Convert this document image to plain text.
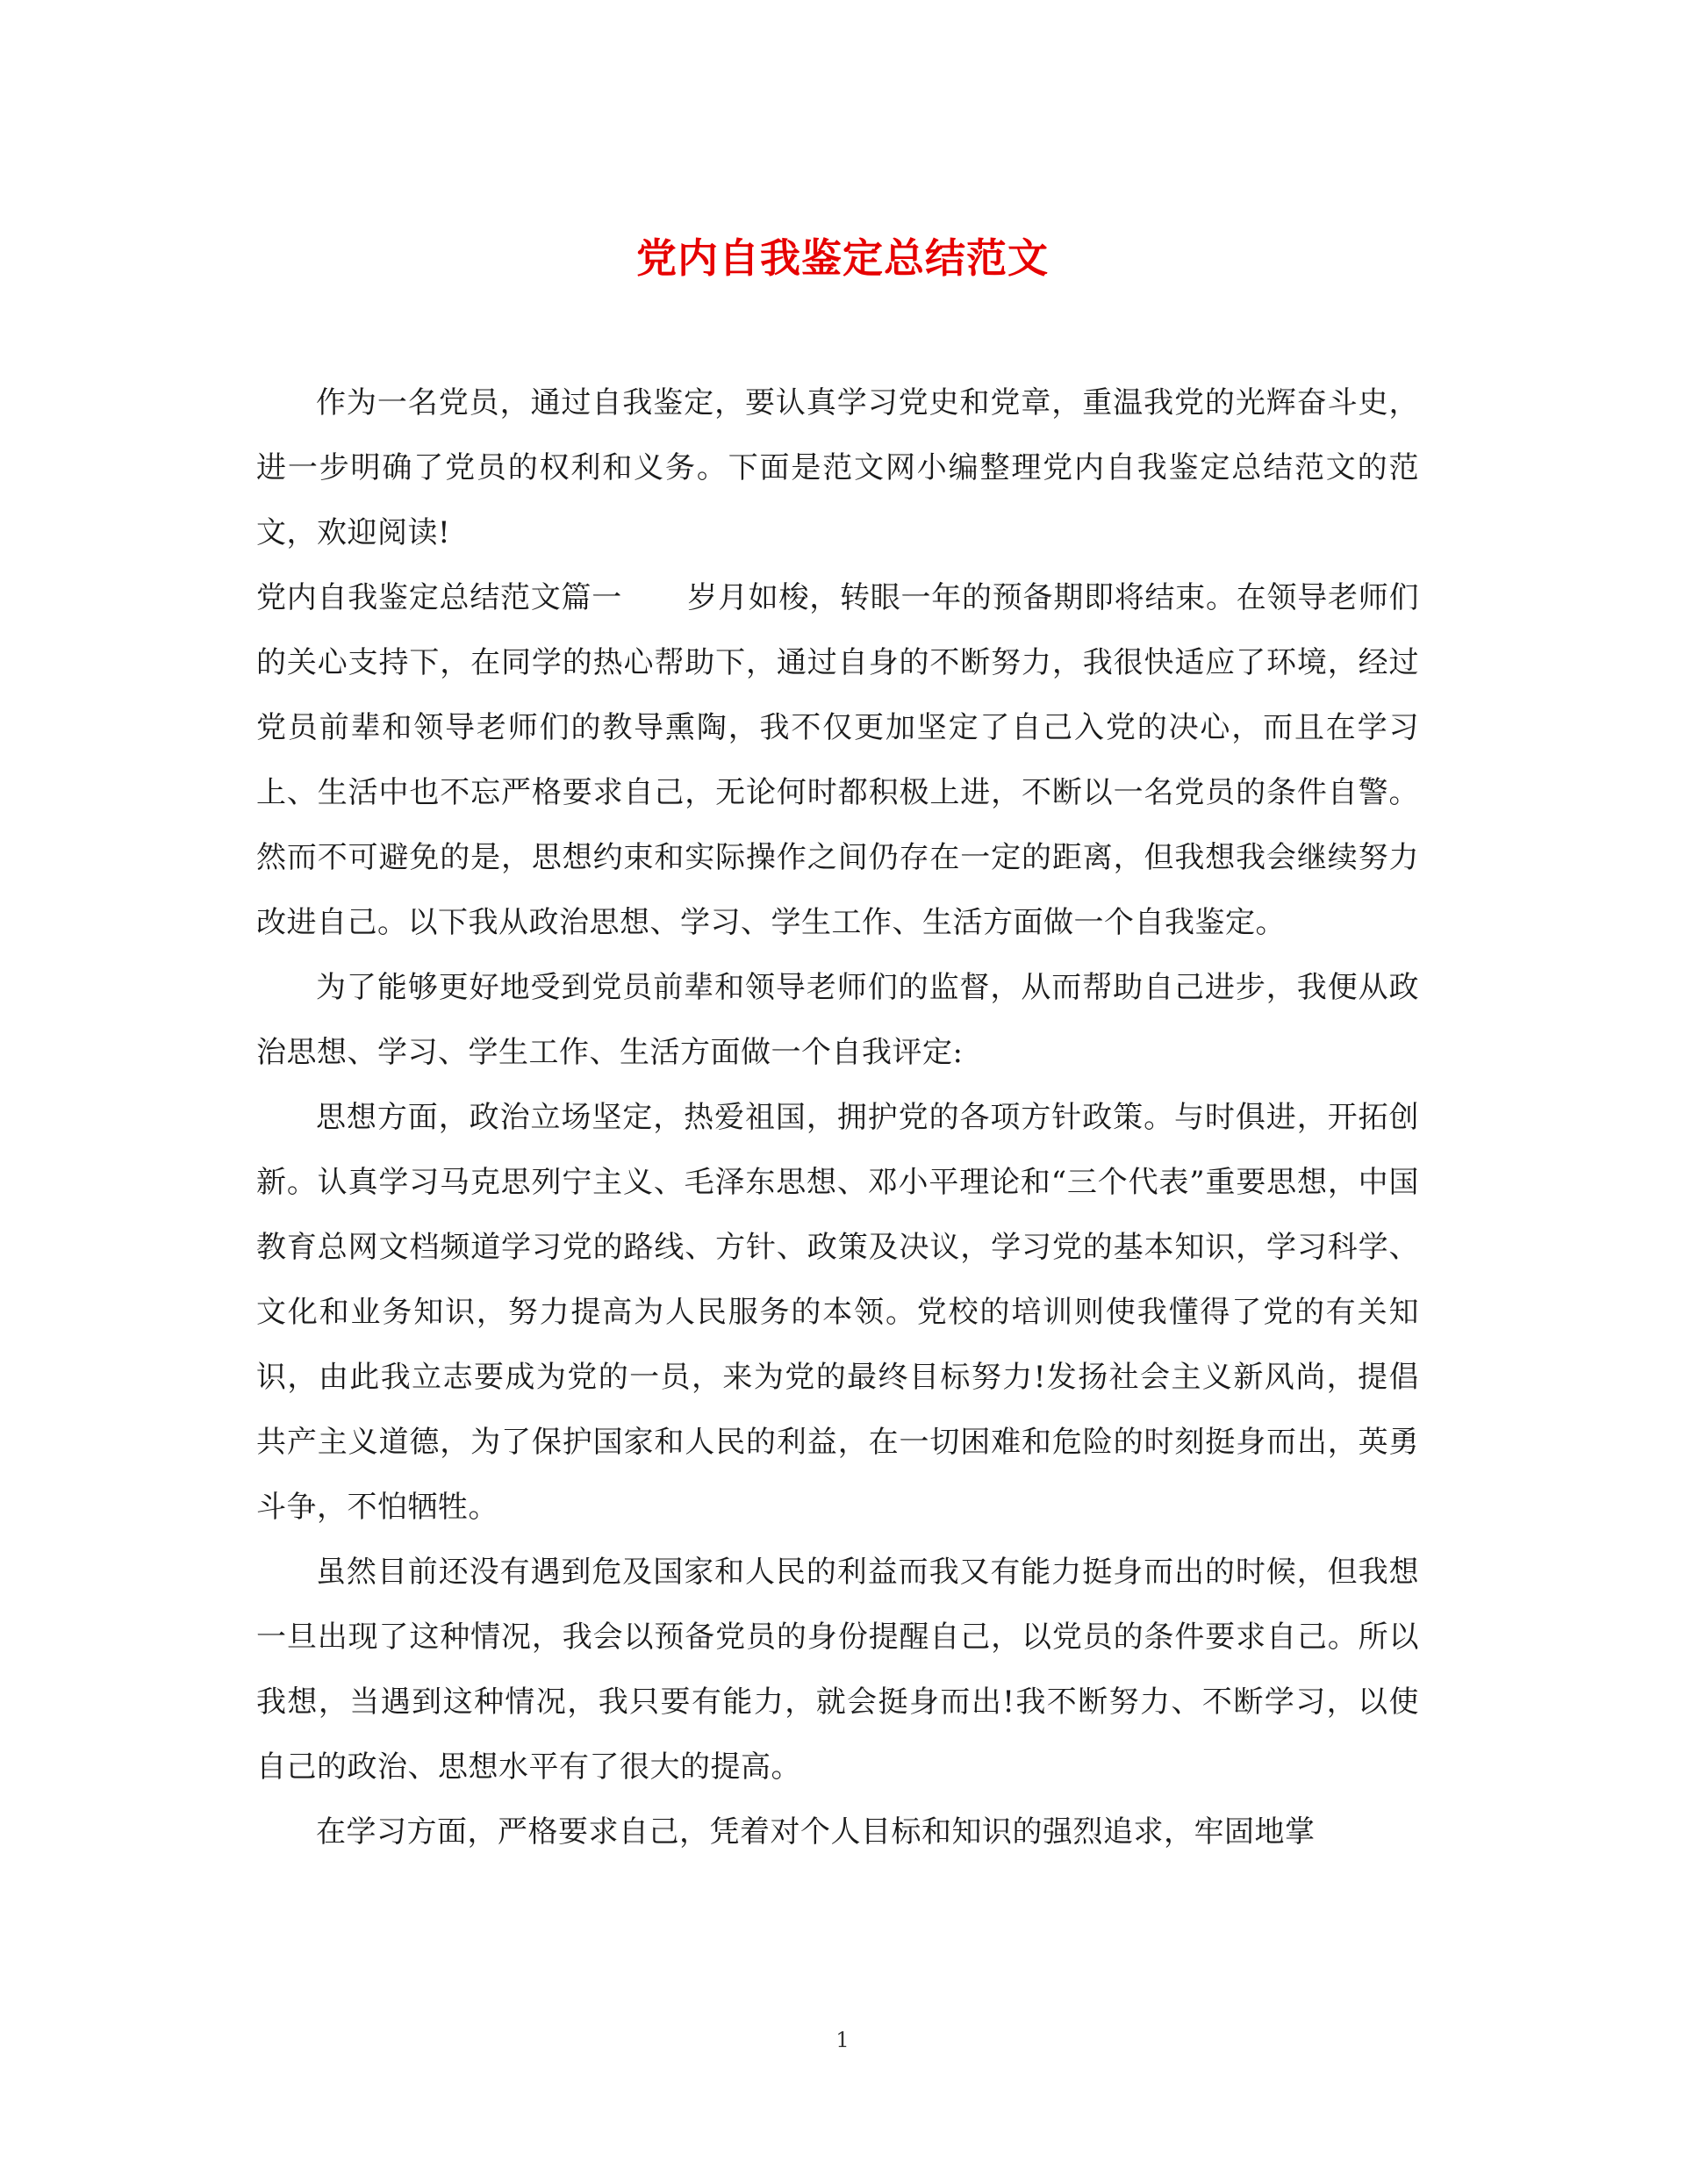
党内自我鉴定总结范文

作为一名党员，通过自我鉴定，要认真学习党史和党章，重温我党的光辉奋斗史，进一步明确了党员的权利和义务。下面是范文网小编整理党内自我鉴定总结范文的范文，欢迎阅读!

党内自我鉴定总结范文篇一 岁月如梭，转眼一年的预备期即将结束。在领导老师们的关心支持下，在同学的热心帮助下，通过自身的不断努力，我很快适应了环境，经过党员前辈和领导老师们的教导熏陶，我不仅更加坚定了自己入党的决心，而且在学习上、生活中也不忘严格要求自己，无论何时都积极上进，不断以一名党员的条件自警。然而不可避免的是，思想约束和实际操作之间仍存在一定的距离，但我想我会继续努力改进自己。以下我从政治思想、学习、学生工作、生活方面做一个自我鉴定。

为了能够更好地受到党员前辈和领导老师们的监督，从而帮助自己进步，我便从政治思想、学习、学生工作、生活方面做一个自我评定:

思想方面，政治立场坚定，热爱祖国，拥护党的各项方针政策。与时俱进，开拓创新。认真学习马克思列宁主义、毛泽东思想、邓小平理论和“三个代表”重要思想，中国教育总网文档频道学习党的路线、方针、政策及决议，学习党的基本知识，学习科学、文化和业务知识，努力提高为人民服务的本领。党校的培训则使我懂得了党的有关知识，由此我立志要成为党的一员，来为党的最终目标努力!发扬社会主义新风尚，提倡共产主义道德，为了保护国家和人民的利益，在一切困难和危险的时刻挺身而出，英勇斗争，不怕牺牲。

虽然目前还没有遇到危及国家和人民的利益而我又有能力挺身而出的时候，但我想一旦出现了这种情况，我会以预备党员的身份提醒自己，以党员的条件要求自己。所以我想，当遇到这种情况，我只要有能力，就会挺身而出!我不断努力、不断学习，以使自己的政治、思想水平有了很大的提高。

在学习方面，严格要求自己，凭着对个人目标和知识的强烈追求，牢固地掌

1
